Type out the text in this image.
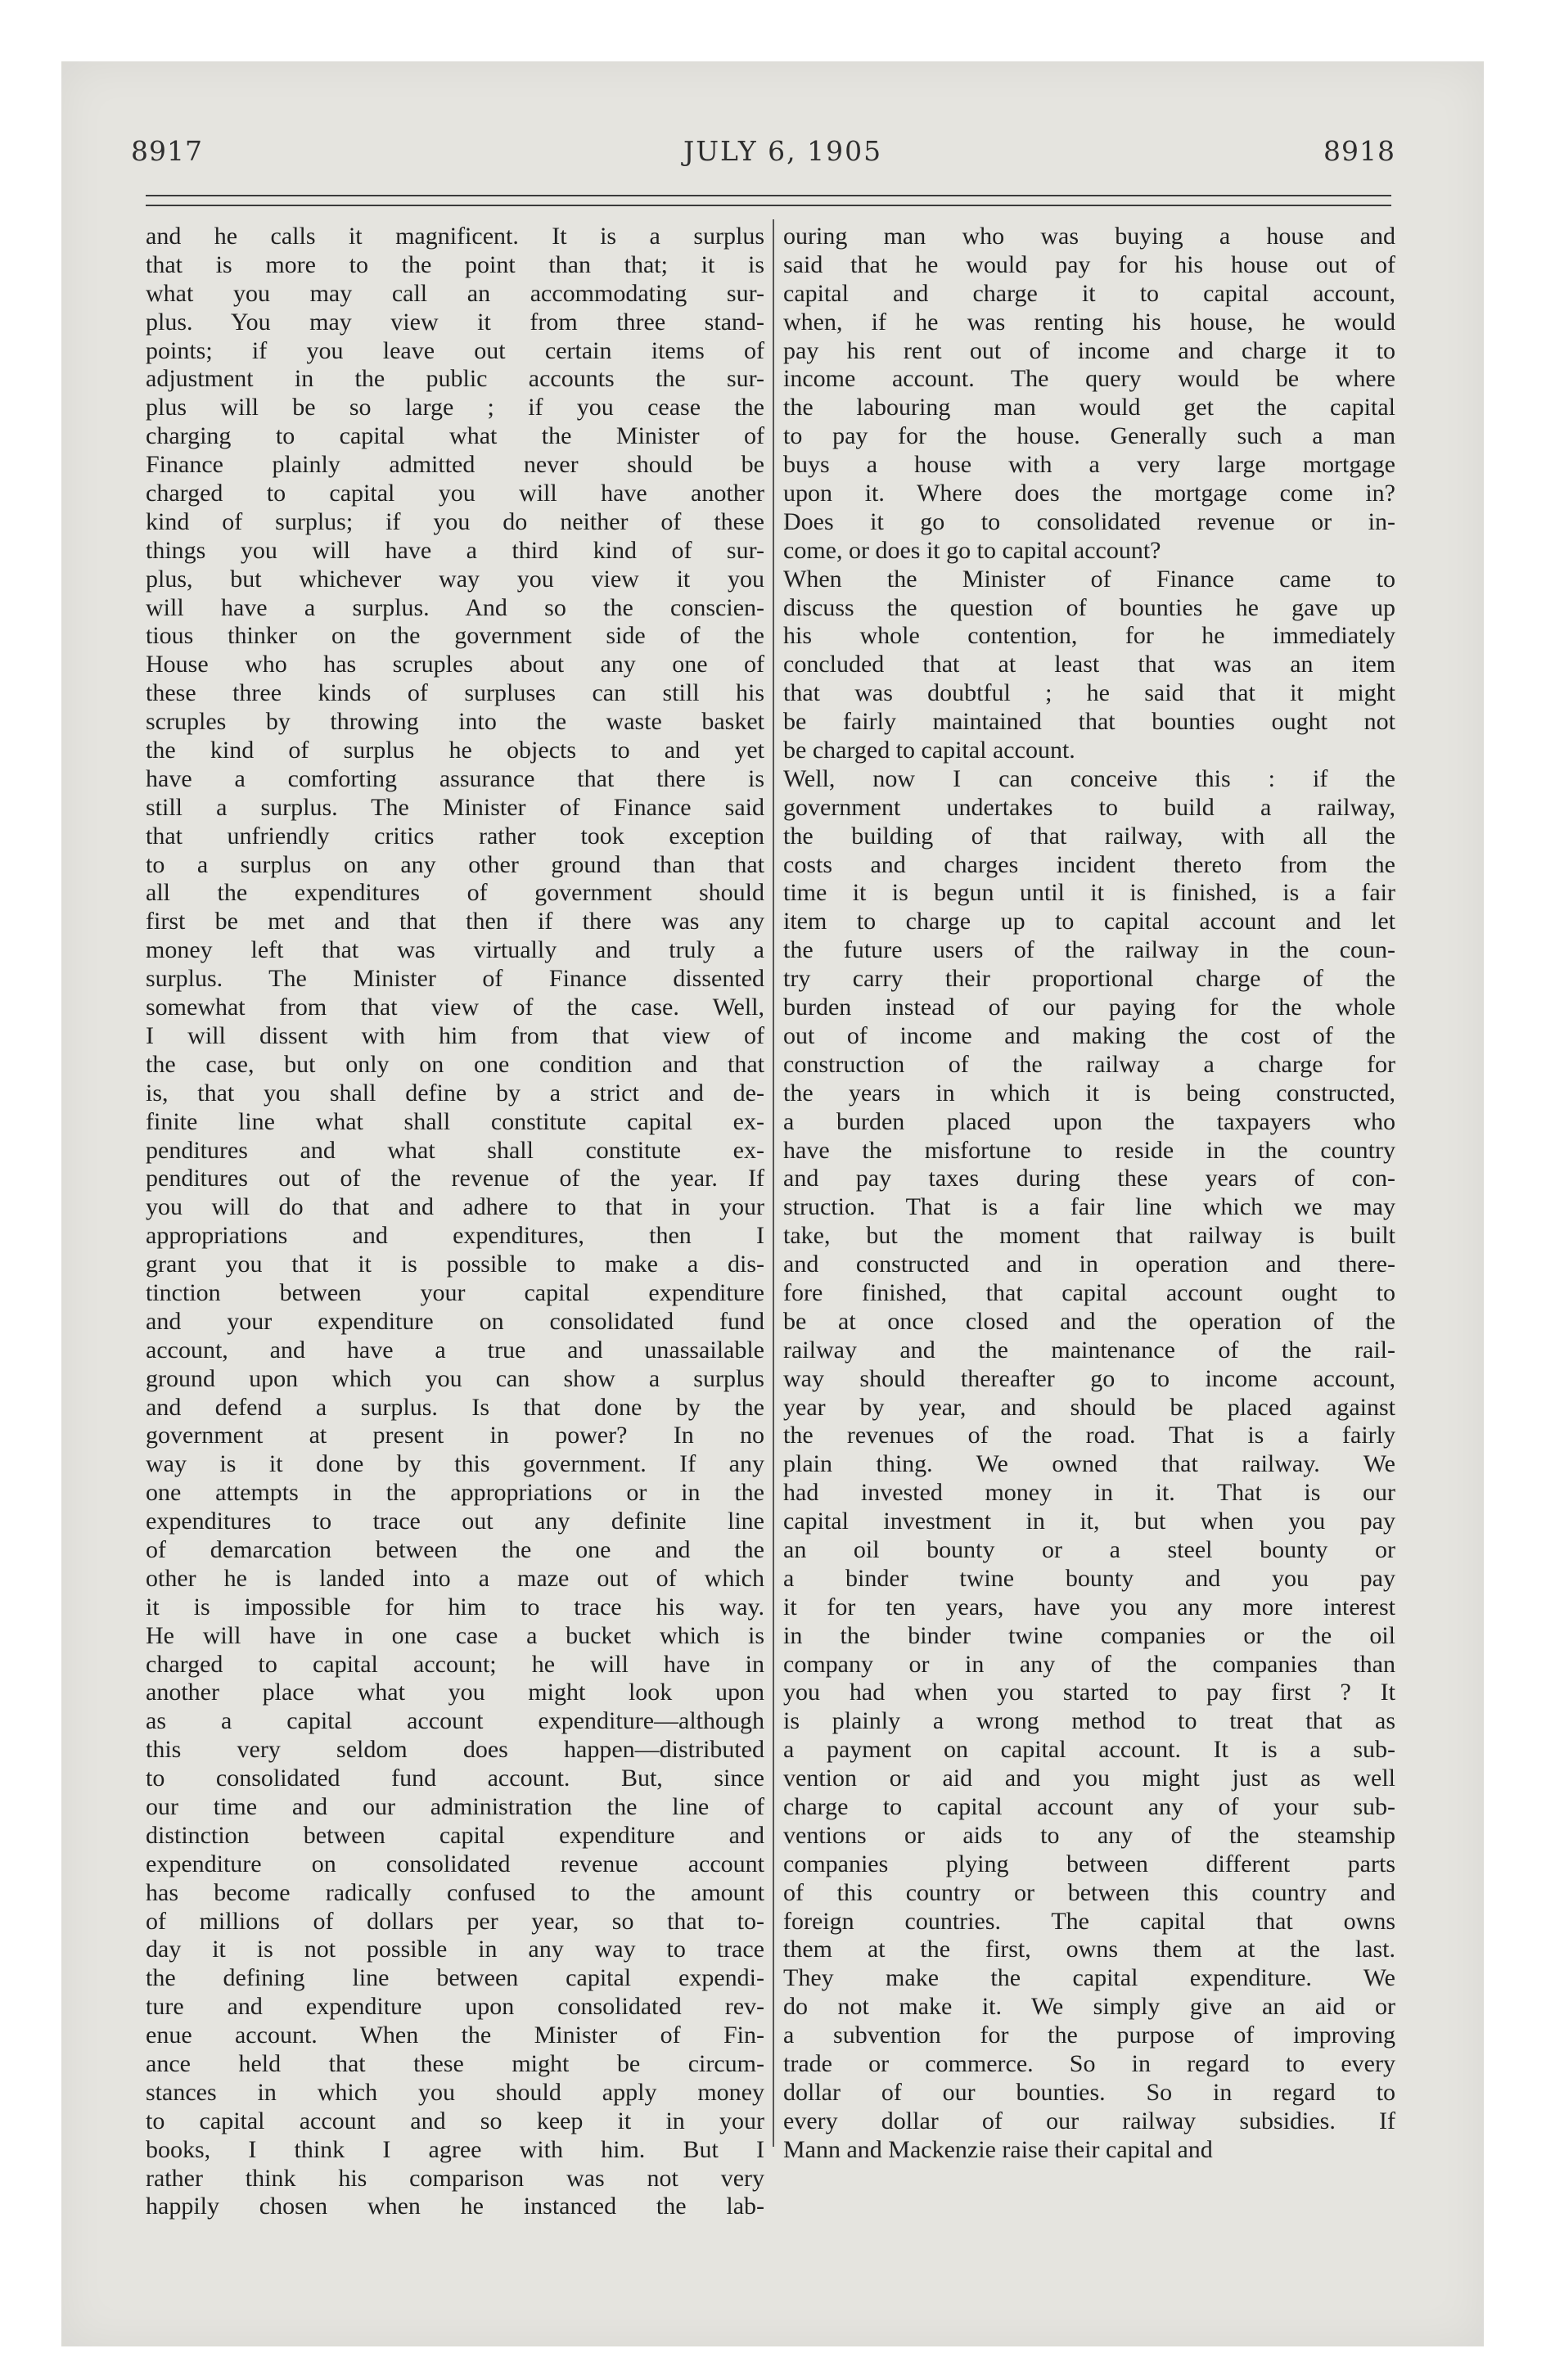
8917	JULY 6, 1905	8918
and he calls it magnificent. It is a surplus
that is more to the point than that; it is
what you may call an accommodating sur-
plus. You may view it from three stand-
points; if you leave out certain items of
adjustment in the public accounts the sur-
plus will be so large ; if you cease the
charging to capital what the Minister of
Finance plainly admitted never should be
charged to capital you will have another
kind of surplus; if you do neither of these
things you will have a third kind of sur-
plus, but whichever way you view it you
will have a surplus. And so the conscien-
tious thinker on the government side of the
House who has scruples about any one of
these three kinds of surpluses can still his
scruples by throwing into the waste basket
the kind of surplus he objects to and yet
have a comforting assurance that there is
still a surplus. The Minister of Finance said
that unfriendly critics rather took exception
to a surplus on any other ground than that
all the expenditures of government should
first be met and that then if there was any
money left that was virtually and truly a
surplus. The Minister of Finance dissented
somewhat from that view of the case. Well,
I will dissent with him from that view of
the case, but only on one condition and that
is, that you shall define by a strict and de-
finite line what shall constitute capital ex-
penditures and what shall constitute ex-
penditures out of the revenue of the year. If
you will do that and adhere to that in your
appropriations and expenditures, then I
grant you that it is possible to make a dis-
tinction between your capital expenditure
and your expenditure on consolidated fund
account, and have a true and unassailable
ground upon which you can show a surplus
and defend a surplus. Is that done by the
government at present in power? In no
way is it done by this government. If any
one attempts in the appropriations or in the
expenditures to trace out any definite line
of demarcation between the one and the
other he is landed into a maze out of which
it is impossible for him to trace his way.
He will have in one case a bucket which is
charged to capital account; he will have in
another place what you might look upon
as a capital account expenditure—although
this very seldom does happen—distributed
to consolidated fund account. But, since
our time and our administration the line of
distinction between capital expenditure and
expenditure on consolidated revenue account
has become radically confused to the amount
of millions of dollars per year, so that to-
day it is not possible in any way to trace
the defining line between capital expendi-
ture and expenditure upon consolidated rev-
enue account. When the Minister of Fin-
ance held that these might be circum-
stances in which you should apply money
to capital account and so keep it in your
books, I think I agree with him. But I
rather think his comparison was not very
happily chosen when he instanced the lab-
ouring man who was buying a house and
said that he would pay for his house out of
capital and charge it to capital account,
when, if he was renting his house, he would
pay his rent out of income and charge it to
income account. The query would be where
the labouring man would get the capital
to pay for the house. Generally such a man
buys a house with a very large mortgage
upon it. Where does the mortgage come in?
Does it go to consolidated revenue or in-
come, or does it go to capital account?
When the Minister of Finance came to
discuss the question of bounties he gave up
his whole contention, for he immediately
concluded that at least that was an item
that was doubtful ; he said that it might
be fairly maintained that bounties ought not
be charged to capital account.
Well, now I can conceive this : if the
government undertakes to build a railway,
the building of that railway, with all the
costs and charges incident thereto from the
time it is begun until it is finished, is a fair
item to charge up to capital account and let
the future users of the railway in the coun-
try carry their proportional charge of the
burden instead of our paying for the whole
out of income and making the cost of the
construction of the railway a charge for
the years in which it is being constructed,
a burden placed upon the taxpayers who
have the misfortune to reside in the country
and pay taxes during these years of con-
struction. That is a fair line which we may
take, but the moment that railway is built
and constructed and in operation and there-
fore finished, that capital account ought to
be at once closed and the operation of the
railway and the maintenance of the rail-
way should thereafter go to income account,
year by year, and should be placed against
the revenues of the road. That is a fairly
plain thing. We owned that railway. We
had invested money in it. That is our
capital investment in it, but when you pay
an oil bounty or a steel bounty or
a binder twine bounty and you pay
it for ten years, have you any more interest
in the binder twine companies or the oil
company or in any of the companies than
you had when you started to pay first ? It
is plainly a wrong method to treat that as
a payment on capital account. It is a sub-
vention or aid and you might just as well
charge to capital account any of your sub-
ventions or aids to any of the steamship
companies plying between different parts
of this country or between this country and
foreign countries. The capital that owns
them at the first, owns them at the last.
They make the capital expenditure. We
do not make it. We simply give an aid or
a subvention for the purpose of improving
trade or commerce. So in regard to every
dollar of our bounties. So in regard to
every dollar of our railway subsidies. If
Mann and Mackenzie raise their capital and
